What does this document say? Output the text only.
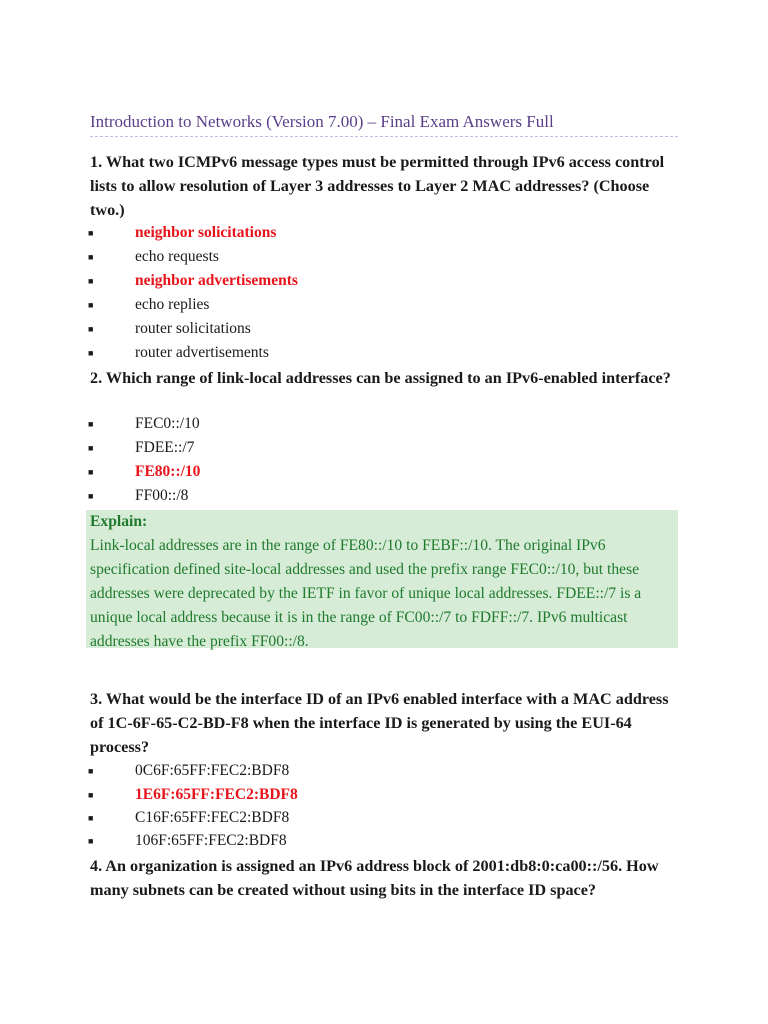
Introduction to Networks (Version 7.00) – Final Exam Answers Full
1. What two ICMPv6 message types must be permitted through IPv6 access control lists to allow resolution of Layer 3 addresses to Layer 2 MAC addresses? (Choose two.)
■	neighbor solicitations
■	echo requests
■	neighbor advertisements
■	echo replies
■	router solicitations
■	router advertisements
2. Which range of link-local addresses can be assigned to an IPv6-enabled interface?
■	FEC0::/10
■	FDEE::/7
■	FE80::/10
■	FF00::/8
Explain:
Link-local addresses are in the range of FE80::/10 to FEBF::/10. The original IPv6 specification defined site-local addresses and used the prefix range FEC0::/10, but these addresses were deprecated by the IETF in favor of unique local addresses. FDEE::/7 is a unique local address because it is in the range of FC00::/7 to FDFF::/7. IPv6 multicast addresses have the prefix FF00::/8.
3. What would be the interface ID of an IPv6 enabled interface with a MAC address of 1C-6F-65-C2-BD-F8 when the interface ID is generated by using the EUI-64 process?
■	0C6F:65FF:FEC2:BDF8
■	1E6F:65FF:FEC2:BDF8
■	C16F:65FF:FEC2:BDF8
■	106F:65FF:FEC2:BDF8
4. An organization is assigned an IPv6 address block of 2001:db8:0:ca00::/56. How many subnets can be created without using bits in the interface ID space?
